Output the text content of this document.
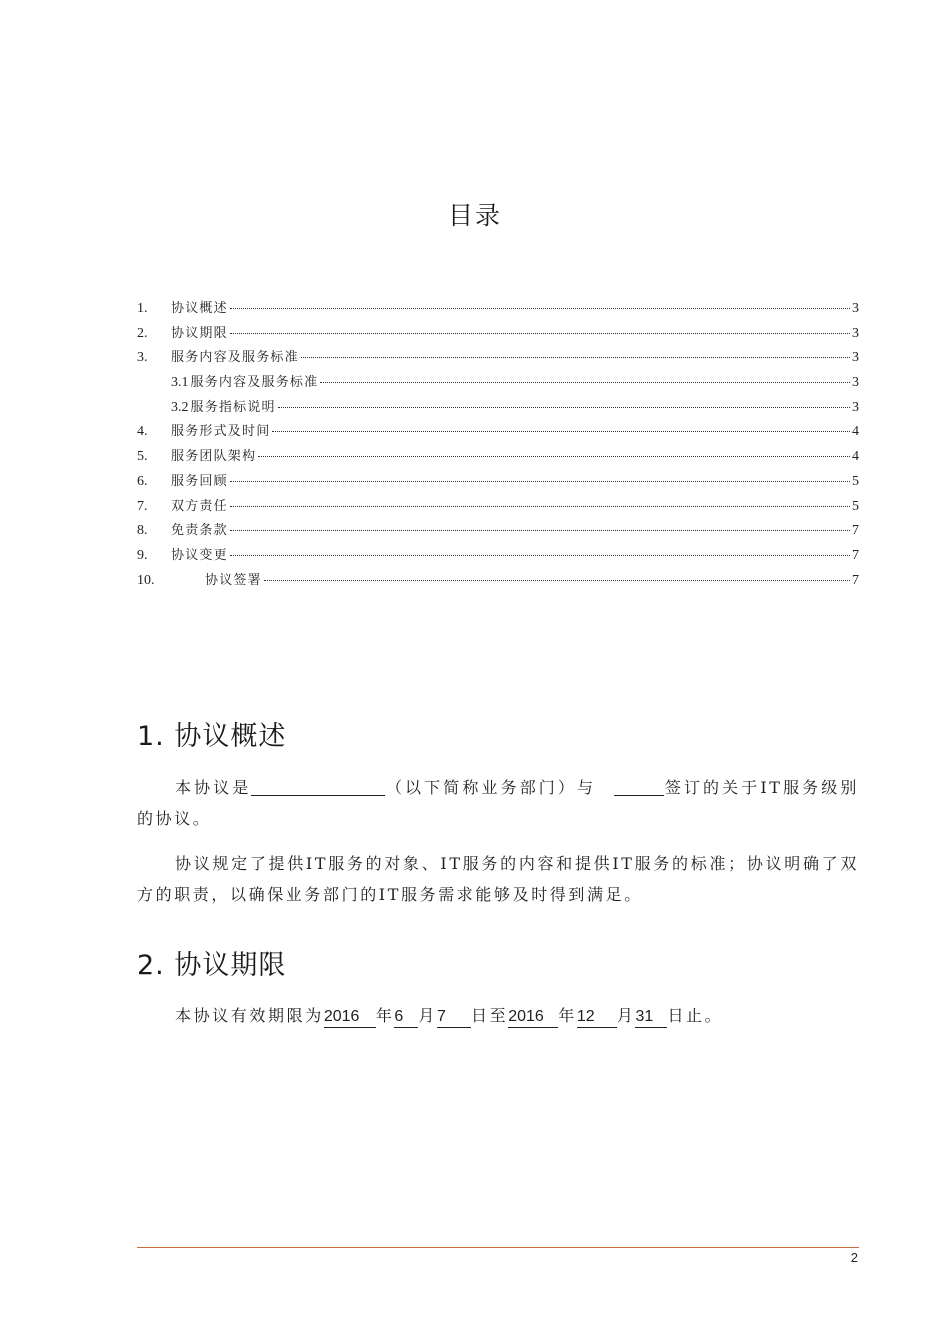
目录
1.	协议概述	3
2.	协议期限	3
3.	服务内容及服务标准	3
3.1 服务内容及服务标准	3
3.2 服务指标说明	3
4.	服务形式及时间	4
5.	服务团队架构	4
6.	服务回顾	5
7.	双方责任	5
8.	免责条款	7
9.	协议变更	7
10.	协议签署	7
1. 协议概述

本协议是	（以下简称业务部门）与	签订的关于IT服务级别的协议。

协议规定了提供IT服务的对象、IT服务的内容和提供IT服务的标准；协议明确了双方的职责，以确保业务部门的IT服务需求能够及时得到满足。

2. 协议期限

本协议有效期限为2016 年6 月7 日至2016 年12 月31 日止。

2
